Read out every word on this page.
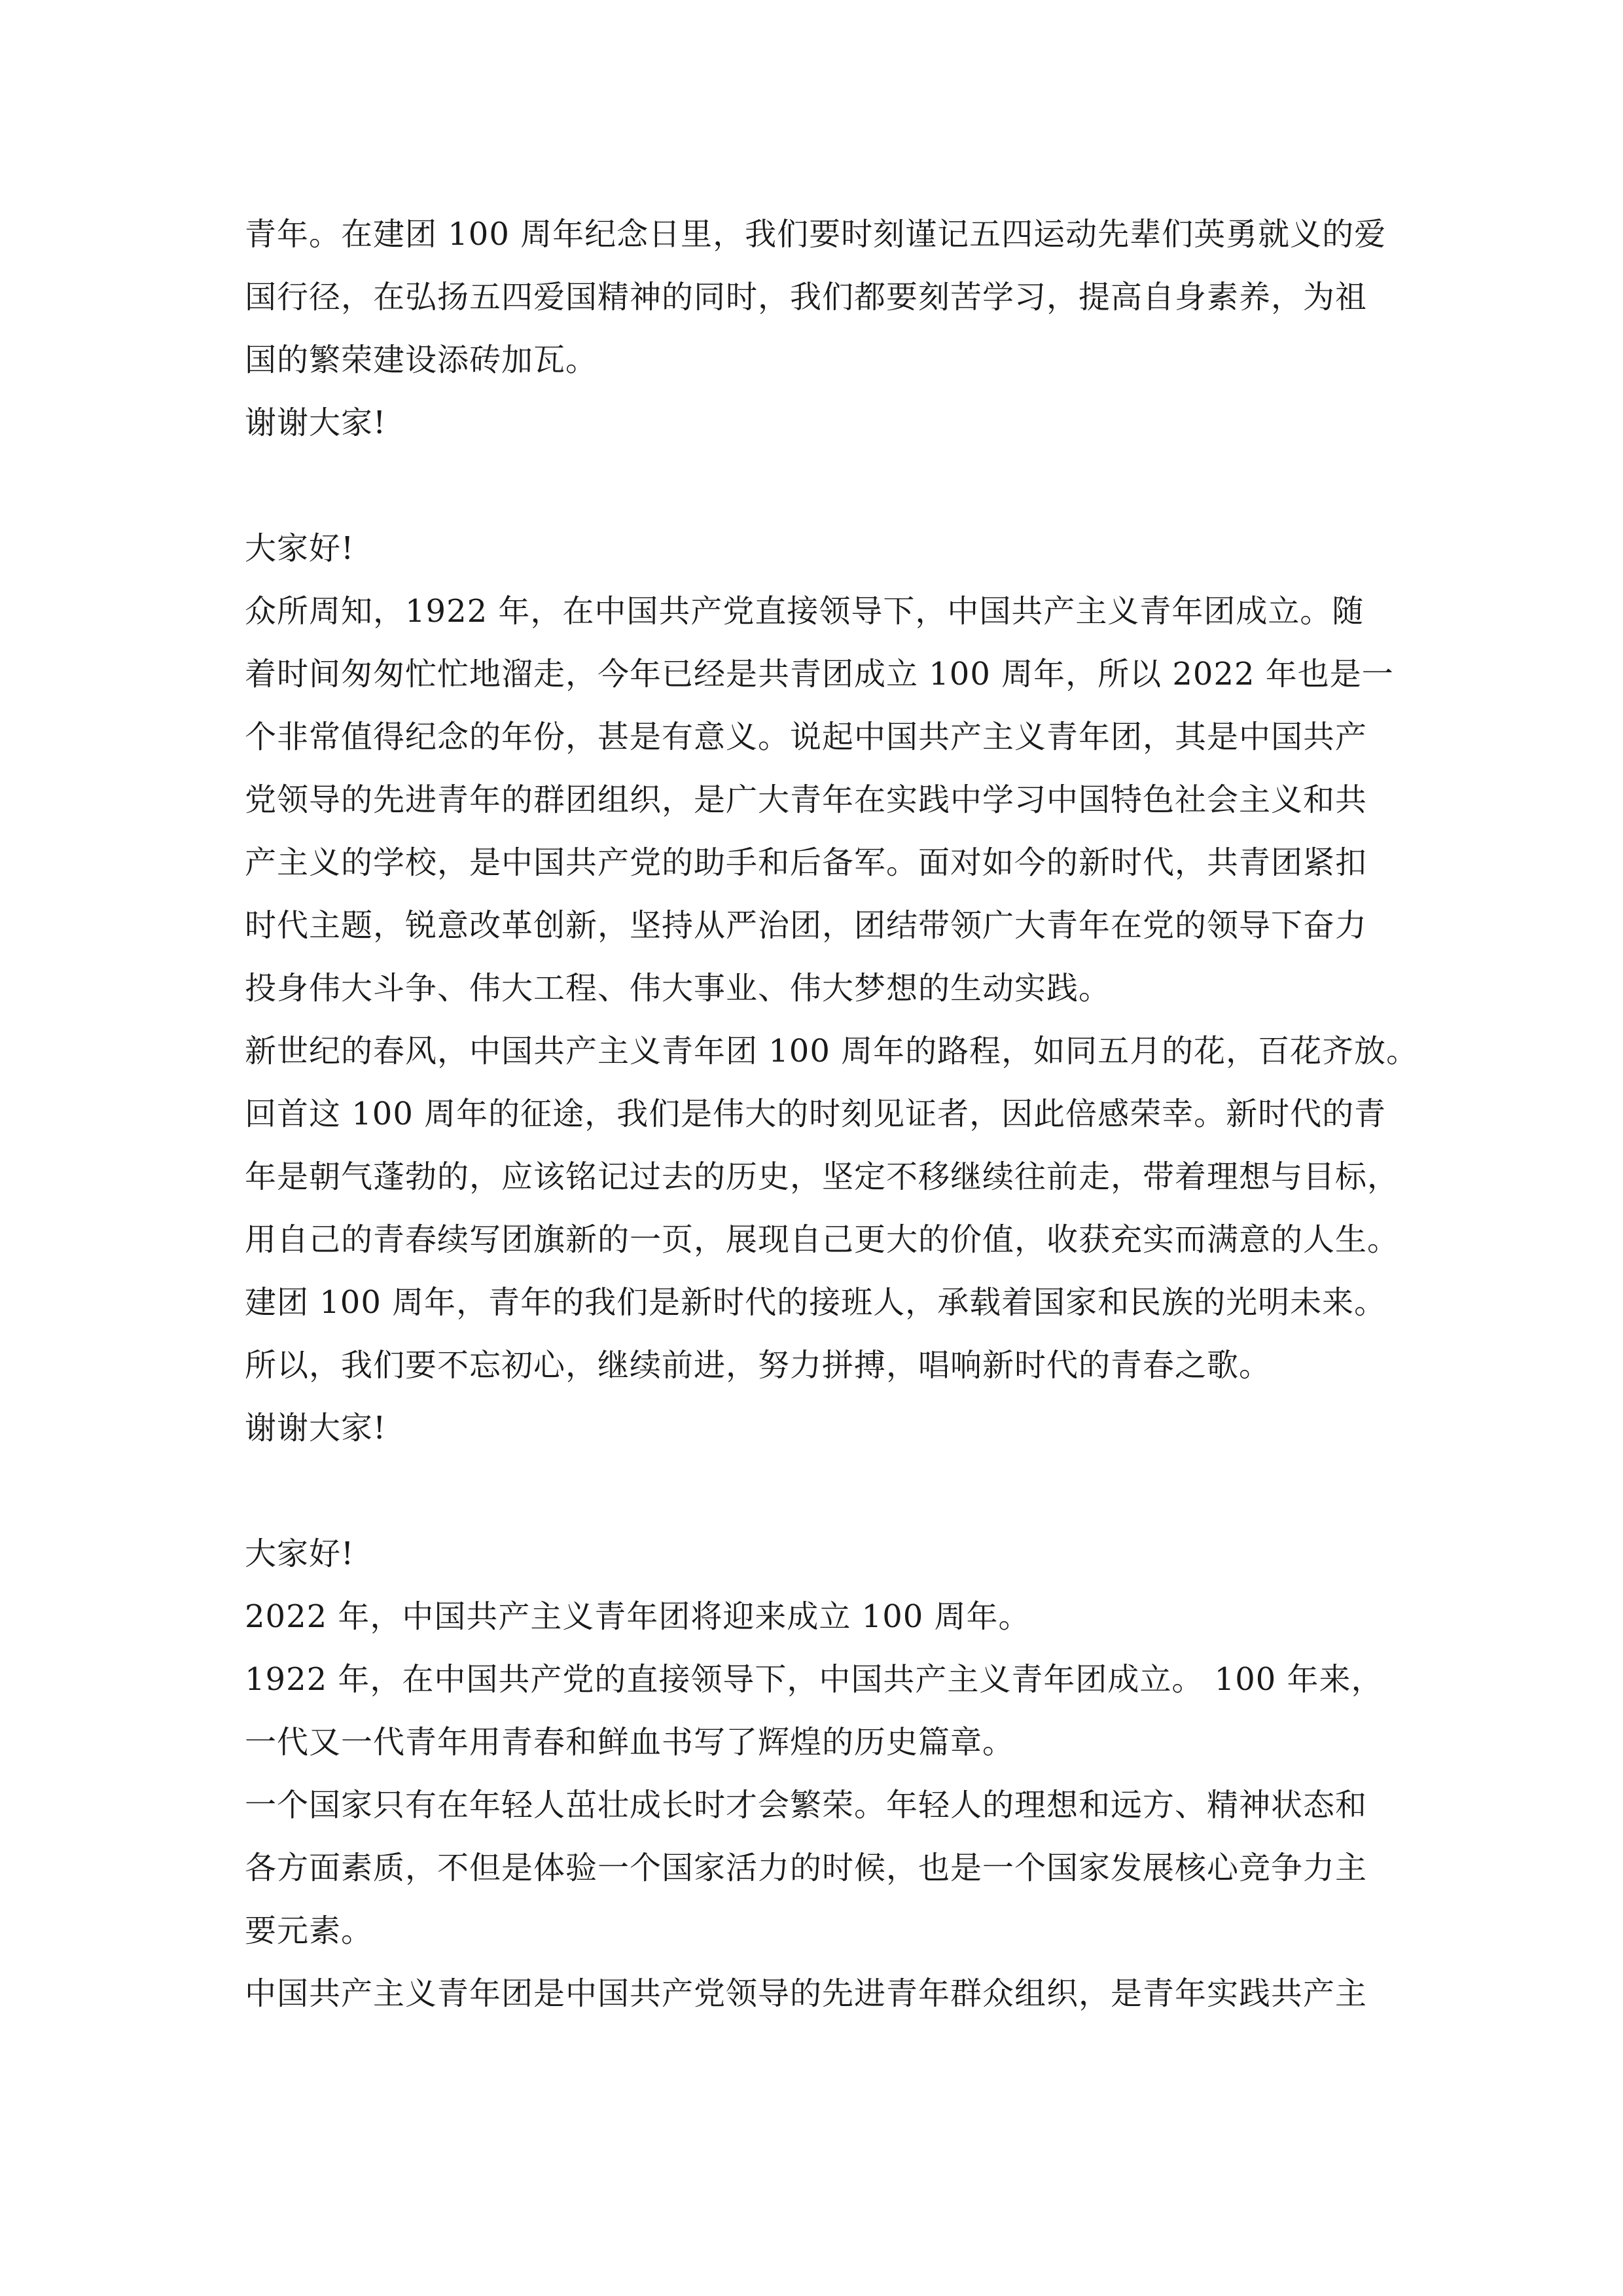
青年。在建团 100 周年纪念日里，我们要时刻谨记五四运动先辈们英勇就义的爱
国行径，在弘扬五四爱国精神的同时，我们都要刻苦学习，提高自身素养，为祖
国的繁荣建设添砖加瓦。
谢谢大家!
大家好!
众所周知，1922 年，在中国共产党直接领导下，中国共产主义青年团成立。随
着时间匆匆忙忙地溜走，今年已经是共青团成立 100 周年，所以 2022 年也是一
个非常值得纪念的年份，甚是有意义。说起中国共产主义青年团，其是中国共产
党领导的先进青年的群团组织，是广大青年在实践中学习中国特色社会主义和共
产主义的学校，是中国共产党的助手和后备军。面对如今的新时代，共青团紧扣
时代主题，锐意改革创新，坚持从严治团，团结带领广大青年在党的领导下奋力
投身伟大斗争、伟大工程、伟大事业、伟大梦想的生动实践。
新世纪的春风，中国共产主义青年团 100 周年的路程，如同五月的花，百花齐放。
回首这 100 周年的征途，我们是伟大的时刻见证者，因此倍感荣幸。新时代的青
年是朝气蓬勃的，应该铭记过去的历史，坚定不移继续往前走，带着理想与目标，
用自己的青春续写团旗新的一页，展现自己更大的价值，收获充实而满意的人生。
建团 100 周年，青年的我们是新时代的接班人，承载着国家和民族的光明未来。
所以，我们要不忘初心，继续前进，努力拼搏，唱响新时代的青春之歌。
谢谢大家!
大家好!
2022 年，中国共产主义青年团将迎来成立 100 周年。
1922 年，在中国共产党的直接领导下，中国共产主义青年团成立。 100 年来，
一代又一代青年用青春和鲜血书写了辉煌的历史篇章。
一个国家只有在年轻人茁壮成长时才会繁荣。年轻人的理想和远方、精神状态和
各方面素质，不但是体验一个国家活力的时候，也是一个国家发展核心竞争力主
要元素。
中国共产主义青年团是中国共产党领导的先进青年群众组织，是青年实践共产主
